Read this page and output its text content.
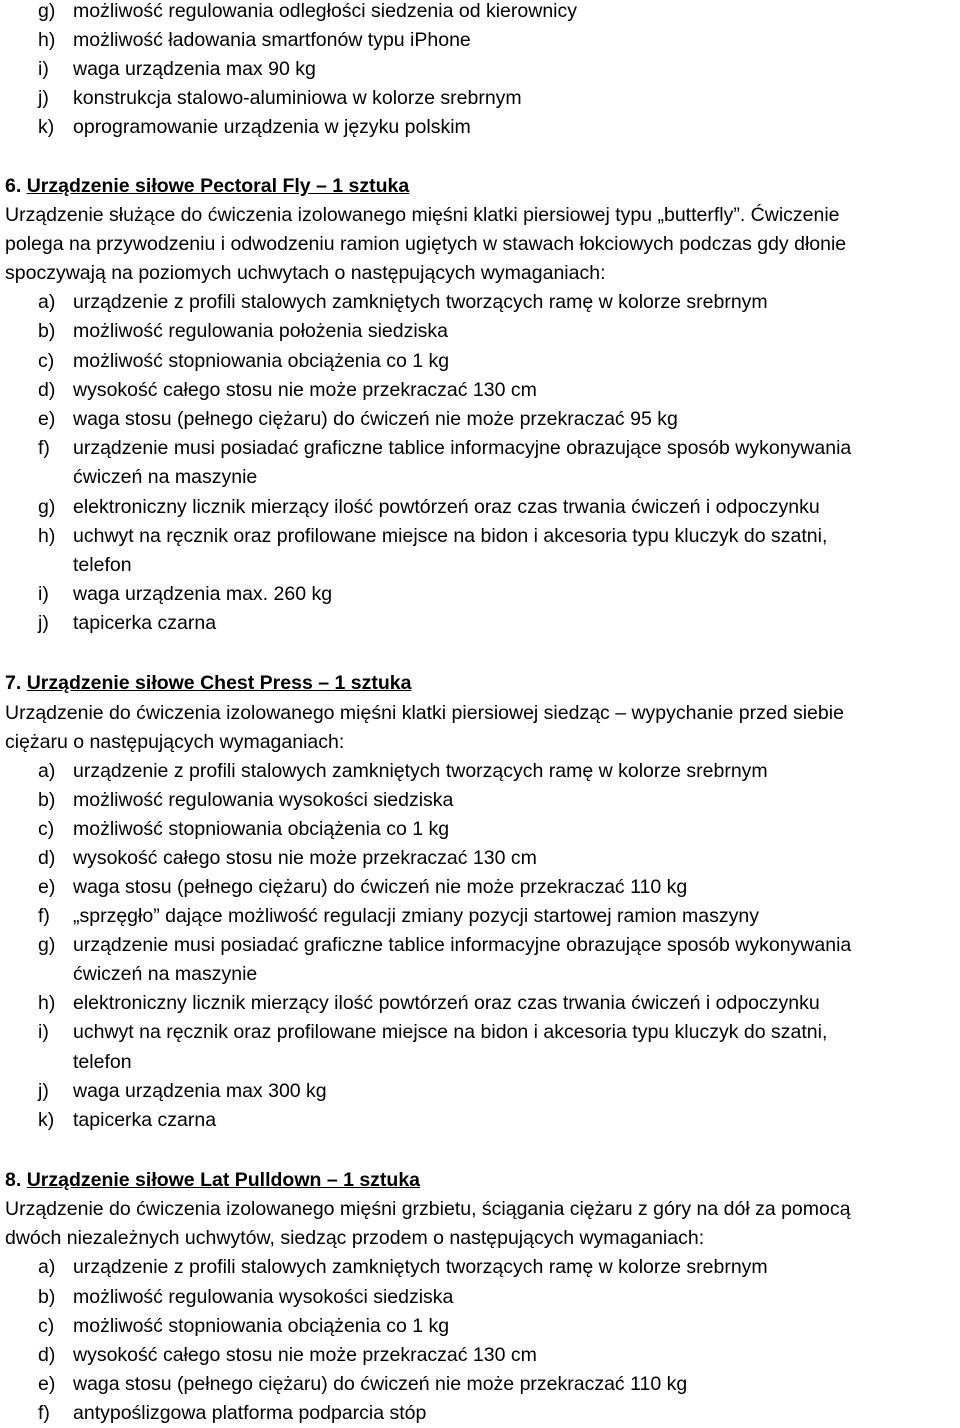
g) możliwość regulowania odległości siedzenia od kierownicy
h) możliwość ładowania smartfonów typu iPhone
i)	waga urządzenia max 90 kg
j)	konstrukcja stalowo-aluminiowa w kolorze srebrnym
k) oprogramowanie urządzenia w języku polskim
6. Urządzenie siłowe Pectoral Fly – 1 sztuka
Urządzenie służące do ćwiczenia izolowanego mięśni klatki piersiowej typu „butterfly”. Ćwiczenie
polega na przywodzeniu i odwodzeniu ramion ugiętych w stawach łokciowych podczas gdy dłonie
spoczywają na poziomych uchwytach o następujących wymaganiach:
a) urządzenie z profili stalowych zamkniętych tworzących ramę w kolorze srebrnym
b) możliwość regulowania położenia siedziska
c) możliwość stopniowania obciążenia co 1 kg
d) wysokość całego stosu nie może przekraczać 130 cm
e) waga stosu (pełnego ciężaru) do ćwiczeń nie może przekraczać 95 kg
f)	urządzenie musi posiadać graficzne tablice informacyjne obrazujące sposób wykonywania
ćwiczeń na maszynie
g) elektroniczny licznik mierzący ilość powtórzeń oraz czas trwania ćwiczeń i odpoczynku
h) uchwyt na ręcznik oraz profilowane miejsce na bidon i akcesoria typu kluczyk do szatni,
telefon
i)	waga urządzenia max. 260 kg
j)	tapicerka czarna
7. Urządzenie siłowe Chest Press – 1 sztuka
Urządzenie do ćwiczenia izolowanego mięśni klatki piersiowej siedząc – wypychanie przed siebie
ciężaru o następujących wymaganiach:
a) urządzenie z profili stalowych zamkniętych tworzących ramę w kolorze srebrnym
b) możliwość regulowania wysokości siedziska
c) możliwość stopniowania obciążenia co 1 kg
d) wysokość całego stosu nie może przekraczać 130 cm
e) waga stosu (pełnego ciężaru) do ćwiczeń nie może przekraczać 110 kg
f)	„sprzęgło” dające możliwość regulacji zmiany pozycji startowej ramion maszyny
g) urządzenie musi posiadać graficzne tablice informacyjne obrazujące sposób wykonywania
ćwiczeń na maszynie
h) elektroniczny licznik mierzący ilość powtórzeń oraz czas trwania ćwiczeń i odpoczynku
i)	uchwyt na ręcznik oraz profilowane miejsce na bidon i akcesoria typu kluczyk do szatni,
telefon
j)	waga urządzenia max 300 kg
k) tapicerka czarna
8. Urządzenie siłowe Lat Pulldown – 1 sztuka
Urządzenie do ćwiczenia izolowanego mięśni grzbietu, ściągania ciężaru z góry na dół za pomocą
dwóch niezależnych uchwytów, siedząc przodem o następujących wymaganiach:
a) urządzenie z profili stalowych zamkniętych tworzących ramę w kolorze srebrnym
b) możliwość regulowania wysokości siedziska
c) możliwość stopniowania obciążenia co 1 kg
d) wysokość całego stosu nie może przekraczać 130 cm
e) waga stosu (pełnego ciężaru) do ćwiczeń nie może przekraczać 110 kg
f)	antypoślizgowa platforma podparcia stóp
